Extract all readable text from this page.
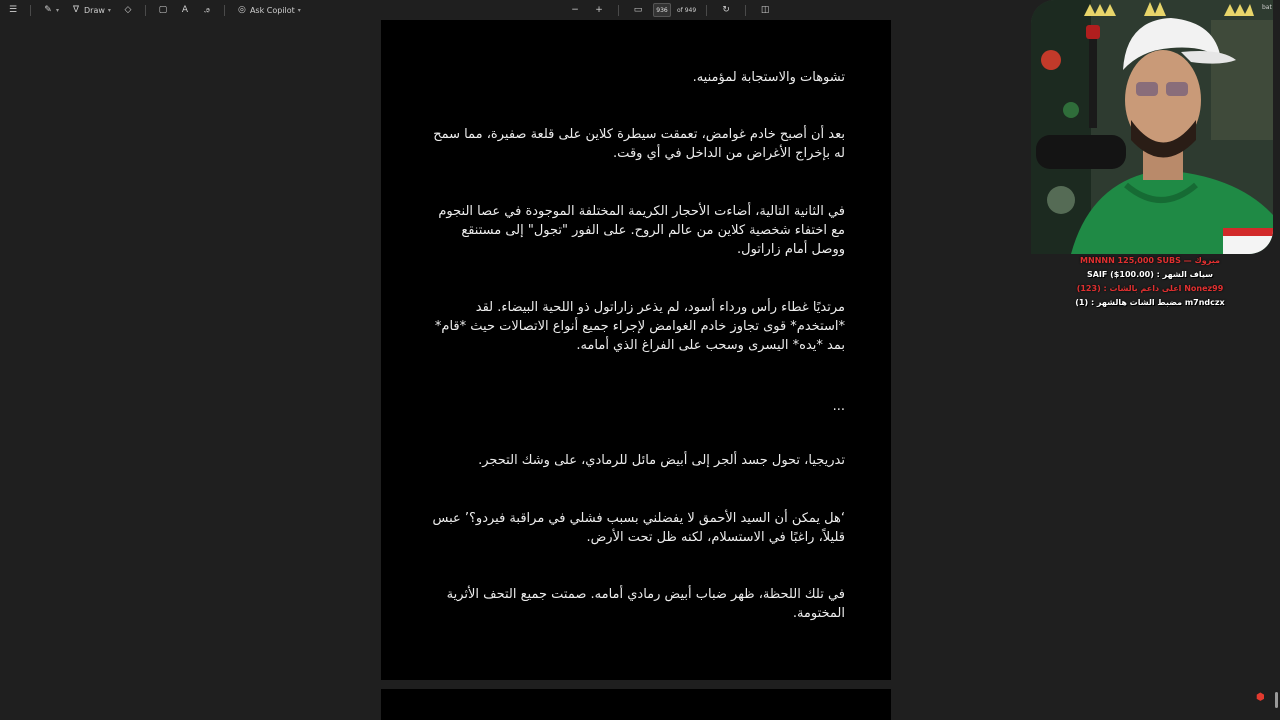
☰	✎ ▾ ∇ Draw ▾ ◇	▢ A ꭿ	◎ Ask Copilot ▾	− +	▭
936	of 949	↻	◫

تشوهات والاستجابة لمؤمنيه.

بعد أن أصبح خادم غوامض، تعمقت سيطرة كلاين على قلعة صفيرة، مما سمح له بإخراج الأغراض من الداخل في أي وقت.

في الثانية التالية، أضاءت الأحجار الكريمة المختلفة الموجودة في عصا النجوم مع اختفاء شخصية كلاين من عالم الروح. على الفور "تجول" إلى مستنقع ووصل أمام زاراتول.

مرتديًا غطاء رأس ورداء أسود، لم يذعر زاراتول ذو اللحية البيضاء. لقد *استخدم* قوى تجاوز خادم الغوامض لإجراء جميع أنواع الاتصالات حيث *قام* بمد *يده* اليسرى وسحب على الفراغ الذي أمامه.

...

تدريجيا، تحول جسد ألجر إلى أبيض مائل للرمادي، على وشك التحجر.

‘هل يمكن أن السيد الأحمق لا يفضلني بسبب فشلي في مراقبة فيردو؟’ عبس قليلاً، راغبًا في الاستسلام، لكنه ظل تحت الأرض.

في تلك اللحظة، ظهر ضباب أبيض رمادي أمامه. صمتت جميع التحف الأثرية المختومة.

bat
MNNNN 125,000 SUBS — مبروك
SAIF ($100.00) : سياف الشهر
اعلى داعم بالشات : (123) Nonez99
مضبط الشات هالشهر : (1) m7ndczx
⬢
